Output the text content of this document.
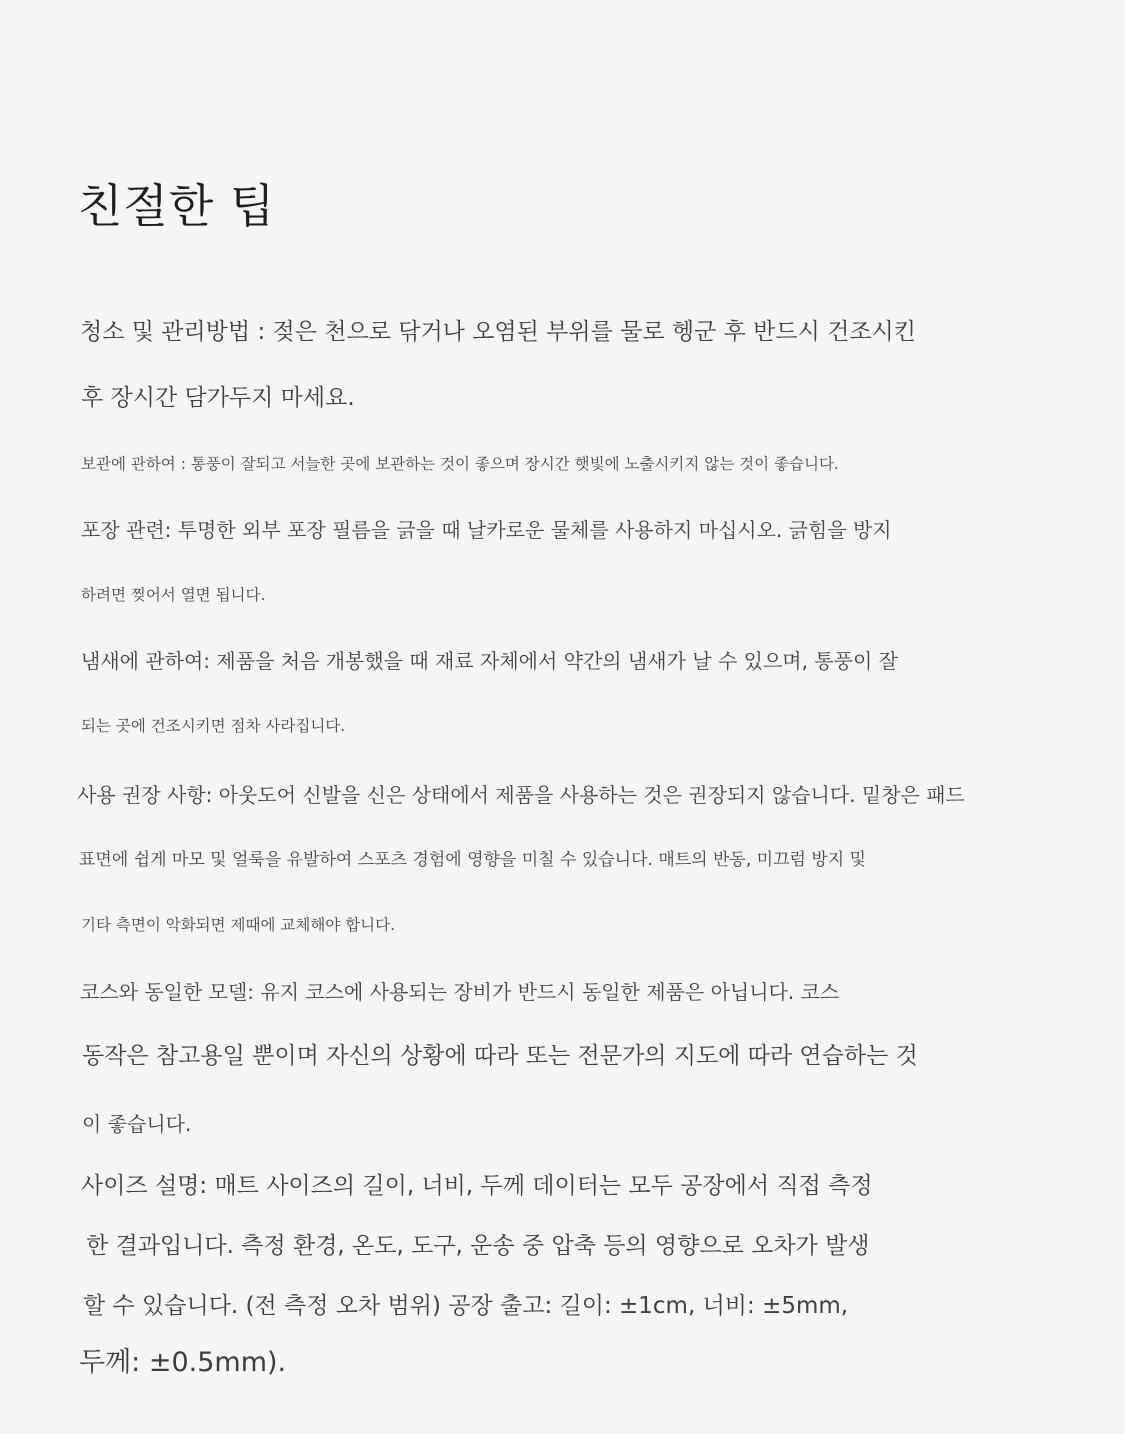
친절한 팁
청소 및 관리방법 : 젖은 천으로 닦거나 오염된 부위를 물로 헹군 후 반드시 건조시킨
후 장시간 담가두지 마세요.
보관에 관하여 : 통풍이 잘되고 서늘한 곳에 보관하는 것이 좋으며 장시간 햇빛에 노출시키지 않는 것이 좋습니다.
포장 관련: 투명한 외부 포장 필름을 긁을 때 날카로운 물체를 사용하지 마십시오. 긁힘을 방지
하려면 찢어서 열면 됩니다.
냄새에 관하여: 제품을 처음 개봉했을 때 재료 자체에서 약간의 냄새가 날 수 있으며, 통풍이 잘
되는 곳에 건조시키면 점차 사라집니다.
사용 권장 사항: 아웃도어 신발을 신은 상태에서 제품을 사용하는 것은 권장되지 않습니다. 밑창은 패드
표면에 쉽게 마모 및 얼룩을 유발하여 스포츠 경험에 영향을 미칠 수 있습니다. 매트의 반동, 미끄럼 방지 및
기타 측면이 악화되면 제때에 교체해야 합니다.
코스와 동일한 모델: 유지 코스에 사용되는 장비가 반드시 동일한 제품은 아닙니다. 코스
동작은 참고용일 뿐이며 자신의 상황에 따라 또는 전문가의 지도에 따라 연습하는 것
이 좋습니다.
사이즈 설명: 매트 사이즈의 길이, 너비, 두께 데이터는 모두 공장에서 직접 측정
한 결과입니다. 측정 환경, 온도, 도구, 운송 중 압축 등의 영향으로 오차가 발생
할 수 있습니다. (전 측정 오차 범위) 공장 출고: 길이: ±1cm, 너비: ±5mm,
두께: ±0.5mm).
